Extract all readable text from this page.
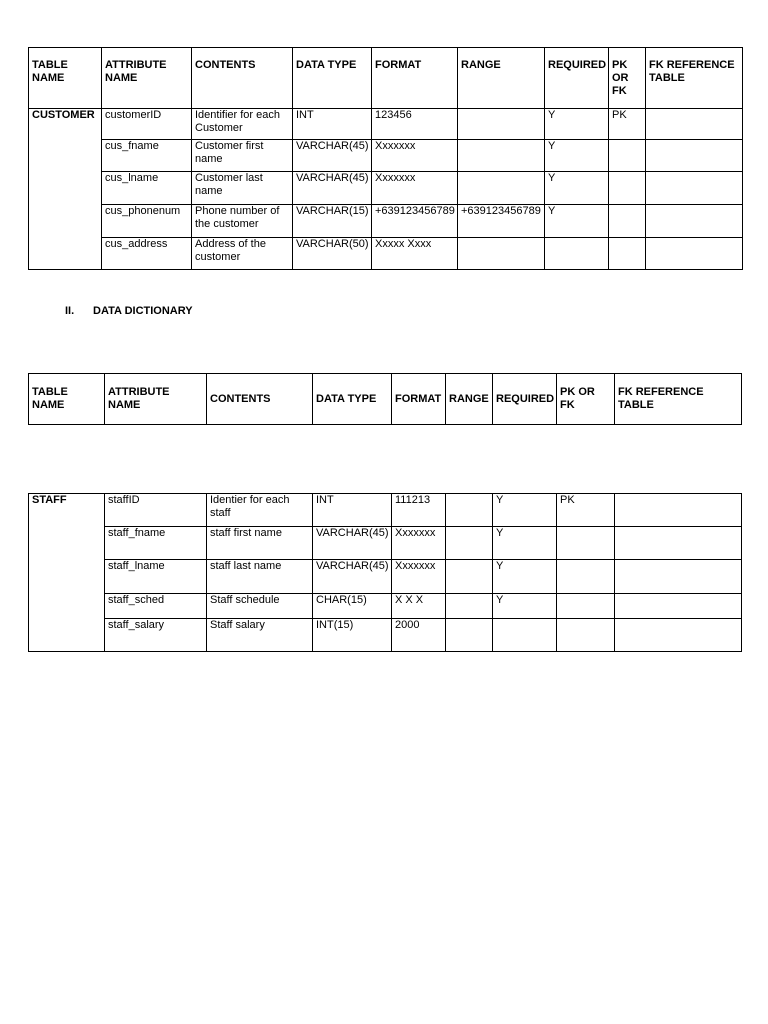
TABLE NAME	ATTRIBUTE NAME	CONTENTS	DATA TYPE	FORMAT	RANGE	REQUIRED	PK OR FK	FK REFERENCE TABLE
CUSTOMER	customerID	Identifier for each Customer	INT	123456		Y	PK	
	cus_fname	Customer first name	VARCHAR(45)	Xxxxxxx		Y		
	cus_lname	Customer last name	VARCHAR(45)	Xxxxxxx		Y		
	cus_phonenum	Phone number of the customer	VARCHAR(15)	+639123456789	+639123456789	Y		
	cus_address	Address of the customer	VARCHAR(50)	Xxxxx Xxxx				
II. DATA DICTIONARY
TABLE NAME	ATTRIBUTE NAME	CONTENTS	DATA TYPE	FORMAT	RANGE	REQUIRED	PK OR FK	FK REFERENCE TABLE
STAFF	staffID	Identier for each staff	INT	111213		Y	PK	
	staff_fname	staff first name	VARCHAR(45)	Xxxxxxx		Y		
	staff_lname	staff last name	VARCHAR(45)	Xxxxxxx		Y		
	staff_sched	Staff schedule	CHAR(15)	X X X		Y		
	staff_salary	Staff salary	INT(15)	2000				
